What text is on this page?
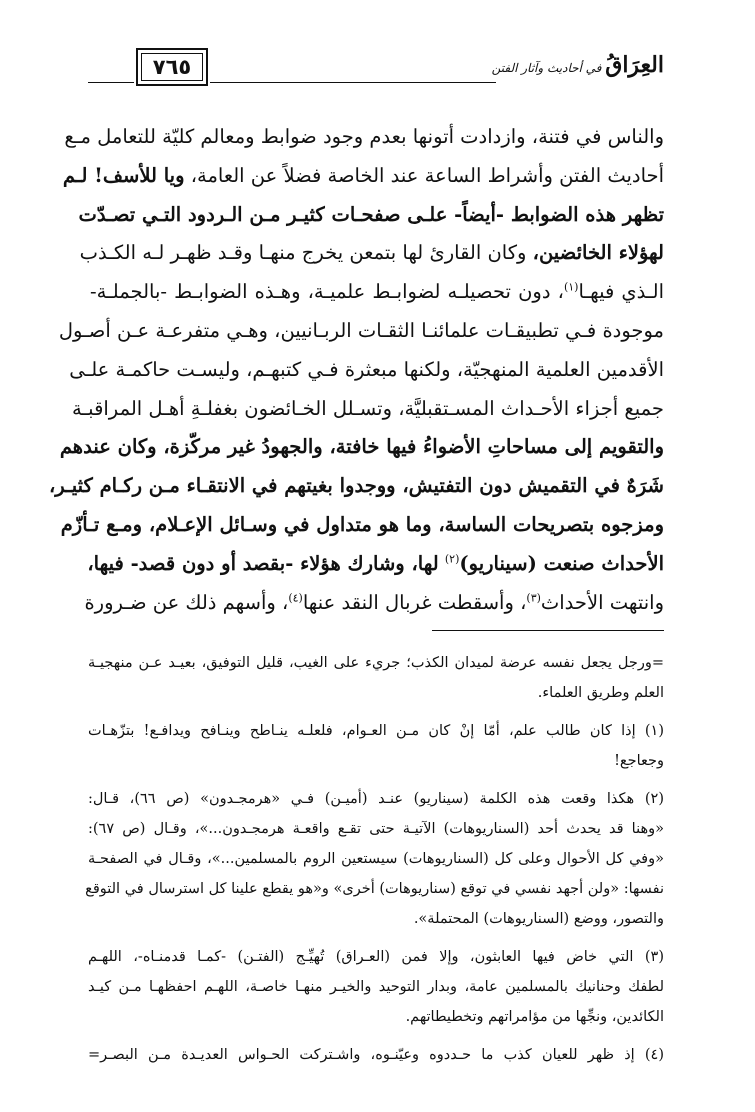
٧٦٥	العِرَاقُ في أحاديث وآثار الفتن
والناس في فتنة، وازدادت أتونها بعدم وجود ضوابط ومعالم كليّة للتعامل مـع
أحاديث الفتن وأشراط الساعة عند الخاصة فضلاً عن العامة، ويا للأسف! لـم
تظهر هذه الضوابط -أيضاً- علـى صفحـات كثيـر مـن الـردود التـي تصـدّت
لهؤلاء الخائضين، وكان القارئ لها بتمعن يخرج منهـا وقـد ظهـر لـه الكـذب
الـذي فيهـا$^{(١)}$، دون تحصيلـه لضوابـط علميـة، وهـذه الضوابـط -بالجملـة-
موجودة فـي تطبيقـات علمائنـا الثقـات الربـانيين، وهـي متفرعـة عـن أصـول
الأقدمين العلمية المنهجيّة، ولكنها مبعثرة فـي كتبهـم، وليسـت حاكمـة علـى
جميع أجزاء الأحـداث المسـتقبليَّة، وتسـلل الخـائضون بغفلـةِ أهـل المراقبـة
والتقويم إلى مساحاتِ الأضواءُ فيها خافتة، والجهودُ غير مركّزة، وكان عندهم
شَرَهٌ في التقميش دون التفتيش، ووجدوا بغيتهم في الانتقـاء مـن ركـام كثيـر،
ومزجوه بتصريحات الساسة، وما هو متداول في وسـائل الإعـلام، ومـع تـأزّم
الأحداث صنعت (سيناريو)$^{(٢)}$ لها، وشارك هؤلاء -بقصد أو دون قصد- فيها،
وانتهت الأحداث$^{(٣)}$، وأسقطت غربال النقد عنها$^{(٤)}$، وأسهم ذلك عن ضـرورة
=ورجل يجعل نفسه عرضة لميدان الكذب؛ جريء على الغيب، قليل التوفيق، بعيـد عـن منهجيـة
العلم وطريق العلماء.
(١) إذا كان طالب علم، أمّا إنْ كان مـن العـوام، فلعلـه ينـاطح وينـافح ويدافـع! بتزّهـات
وجعاجع!
(٢) هكذا وقعت هذه الكلمة (سيناريو) عنـد (أميـن) فـي «هرمجـدون» (ص ٦٦)، قـال:
«وهنا قد يحدث أحد (السناريوهات) الآتيـة حتى تقـع واقعـة هرمجـدون...»، وقـال (ص ٦٧):
«وفي كل الأحوال وعلى كل (السناريوهات) سيستعين الروم بالمسلمين...»، وقـال في الصفحـة
نفسها: «ولن أجهد نفسي في توقع (سناريوهات) أخرى» و«هو يقطع علينا كل استرسال في التوقع
والتصور، ووضع (السناريوهات) المحتملة».
(٣) التي خاض فيها العابثون، وإلا فمن (العـراق) تُهيِّـج (الفتـن) -كمـا قدمنـاه-، اللهـم
لطفك وحنانيك بالمسلمين عامة، وبدار التوحيد والخيـر منهـا خاصـة، اللهـم احفظهـا مـن كيـد
الكائدين، ونجِّها من مؤامراتهم وتخطيطاتهم.
(٤) إذ ظهر للعيان كذب ما حـددوه وعيّنـوه، واشـتركت الحـواس العديـدة مـن البصـر=
